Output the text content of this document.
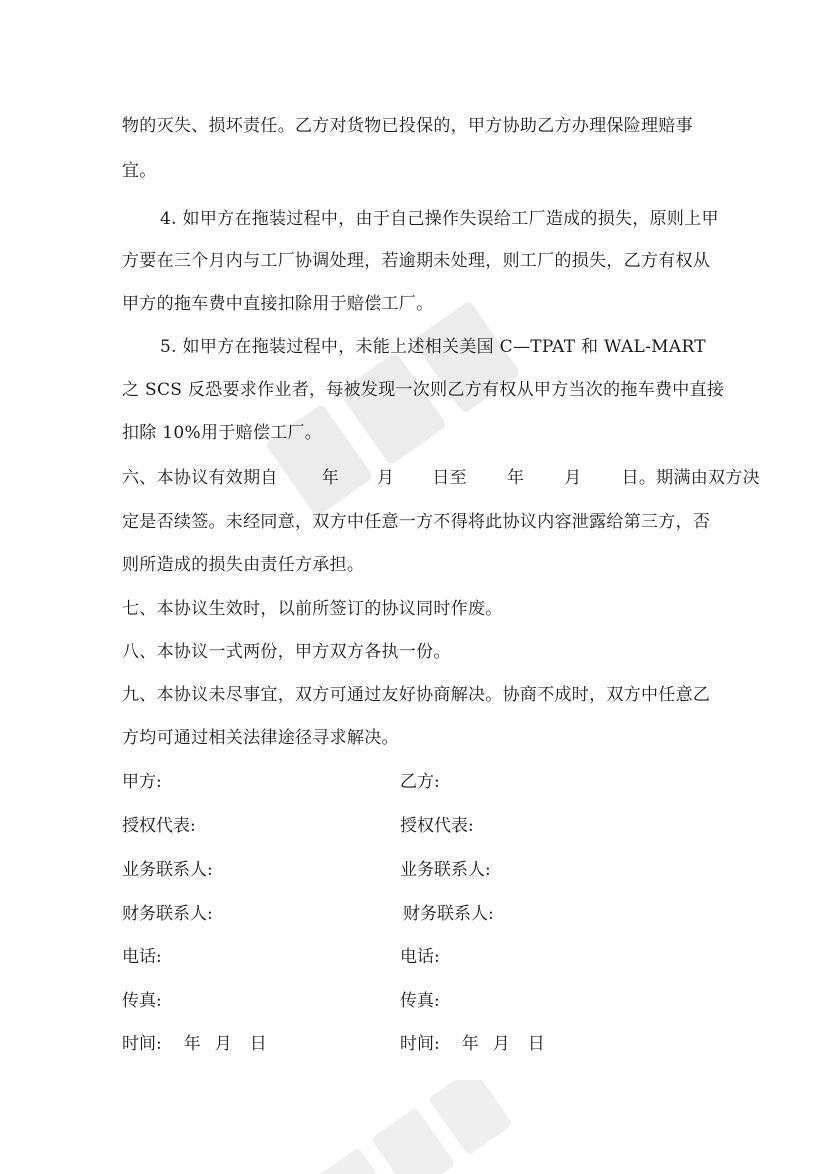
物的灭失、损坏责任。乙方对货物已投保的，甲方协助乙方办理保险理赔事
宜。
4. 如甲方在拖装过程中，由于自己操作失误给工厂造成的损失，原则上甲
方要在三个月内与工厂协调处理，若逾期未处理，则工厂的损失，乙方有权从
甲方的拖车费中直接扣除用于赔偿工厂。
5. 如甲方在拖装过程中，未能上述相关美国 C—TPAT 和 WAL-MART
之 SCS 反恐要求作业者，每被发现一次则乙方有权从甲方当次的拖车费中直接
扣除 10%用于赔偿工厂。
六、本协议有效期自	年 月 日至 年 月 日。期满由双方决
定是否续签。未经同意，双方中任意一方不得将此协议内容泄露给第三方，否
则所造成的损失由责任方承担。
七、本协议生效时，以前所签订的协议同时作废。
八、本协议一式两份，甲方双方各执一份。
九、本协议未尽事宜，双方可通过友好协商解决。协商不成时，双方中任意乙
方均可通过相关法律途径寻求解决。
甲方:	乙方:
授权代表:	授权代表:
业务联系人:	业务联系人:
财务联系人:	财务联系人:
电话:	电话:
传真:	传真:
时间: 年 月 日	时间: 年 月 日
